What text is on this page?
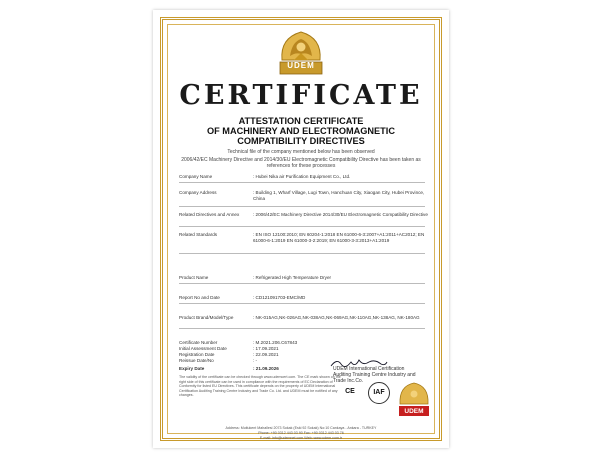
UDEM
CERTIFICATE
ATTESTATION CERTIFICATE
OF MACHINERY AND ELECTROMAGNETIC
COMPATIBILITY DIRECTIVES
Technical file of the company mentioned below has been observed
2006/42/EC Machinery Directive and 2014/30/EU Electromagnetic Compatibility Directive has been taken as references for these processes
Company Name	: Hubei Nika air Purification Equipment Co., Ltd.
Company Address	: Building 1, Wharf Village, Lugi Town, Hanchuan City, Xiaogan City, Hubei Province, China
Related Directives and Annex	: 2006/42/EC Machinery Directive 2014/30/EU Electromagnetic Compatibility Directive
Related Standards	: EN ISO 12100:2010; EN 60204-1:2018 EN 61000-6-3:2007+A1:2011+AC2012; EN 61000-6-1:2019 EN 61000-3-2:2019; EN 61000-3-3:2013+A1:2019
Product Name	: Refrigerated High Temperature Dryer
Report No and Date	: CD121091703-EMC/MD
Product Brand/Model/Type	: NK-015AG,NK-026AG,NK-038AG,NK-069AG,NK-110AG,NK-138AG, NK-180AG
Certificate Number	: M.2021.206.C67843
Initial Assessment Date	: 17.09.2021
Registration Date	: 22.09.2021
Reissue Date/No	: -
Expiry Date	: 21.09.2026
The validity of the certificate can be checked through www.udemcert.com. The CE mark shown on the right side of this certificate can be used in compliance with the requirements of EC Declaration of Conformity for listed EU Directives. This certificate depends on the property of UDEM International Certification Auditing Training Centre Industry and Trade Co. Ltd. and UDEM must be notified of any changes.
UDEM International Certification Auditing Training Centre Industry and Trade Inc.Co.
CE	IAF
UDEM
Address: Mutlukent Mahallesi 2073 Sokak (Eski 92 Sokak) No:10 Cankaya - Ankara - TURKEY
Phone: +90 0312 443 03 90 Fax: +90 0312 443 03 76
E-mail: info@udemnet.com Web: www.udem.com.tr
